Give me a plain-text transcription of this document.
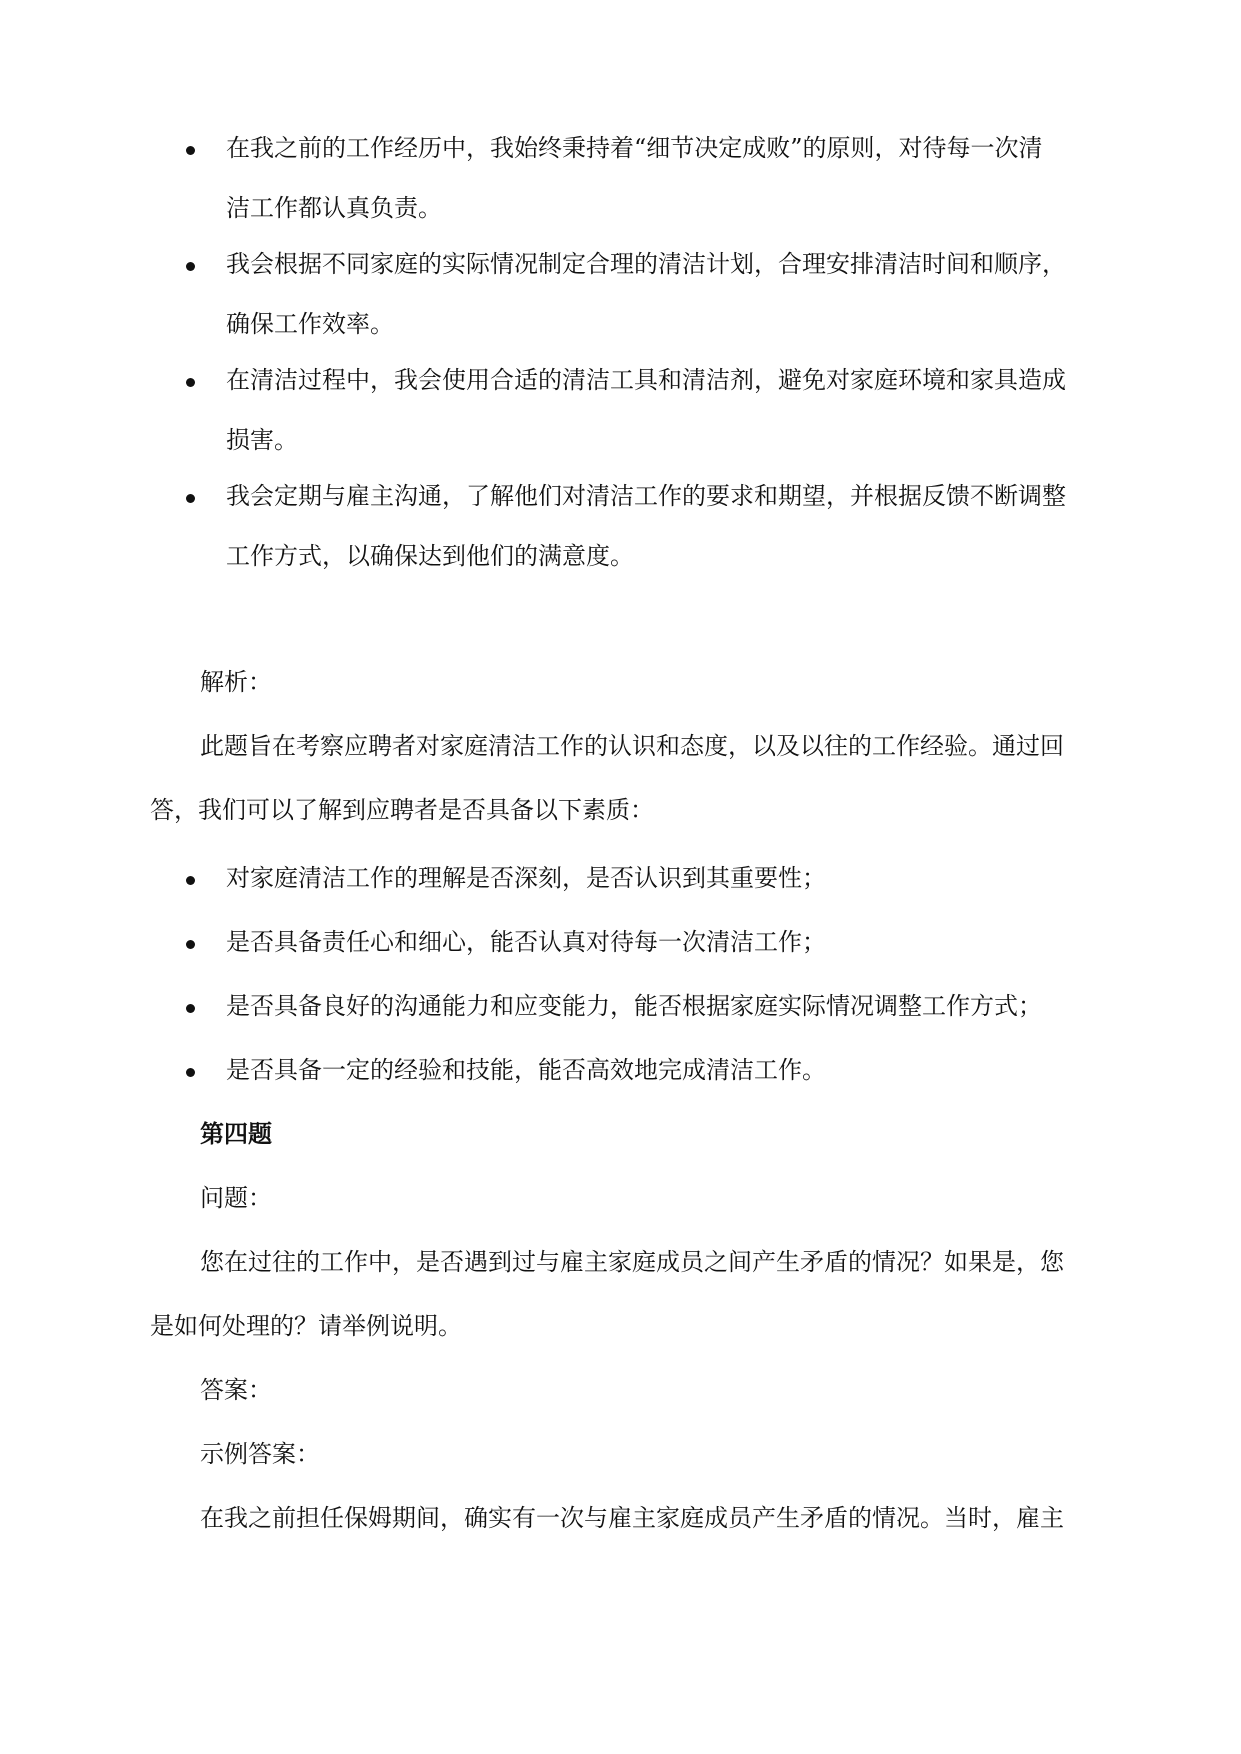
在我之前的工作经历中，我始终秉持着“细节决定成败”的原则，对待每一次清
洁工作都认真负责。
我会根据不同家庭的实际情况制定合理的清洁计划，合理安排清洁时间和顺序，
确保工作效率。
在清洁过程中，我会使用合适的清洁工具和清洁剂，避免对家庭环境和家具造成
损害。
我会定期与雇主沟通，了解他们对清洁工作的要求和期望，并根据反馈不断调整
工作方式，以确保达到他们的满意度。
解析：
此题旨在考察应聘者对家庭清洁工作的认识和态度，以及以往的工作经验。通过回
答，我们可以了解到应聘者是否具备以下素质：
对家庭清洁工作的理解是否深刻，是否认识到其重要性；
是否具备责任心和细心，能否认真对待每一次清洁工作；
是否具备良好的沟通能力和应变能力，能否根据家庭实际情况调整工作方式；
是否具备一定的经验和技能，能否高效地完成清洁工作。
第四题
问题：
您在过往的工作中，是否遇到过与雇主家庭成员之间产生矛盾的情况？如果是，您
是如何处理的？请举例说明。
答案：
示例答案：
在我之前担任保姆期间，确实有一次与雇主家庭成员产生矛盾的情况。当时，雇主
